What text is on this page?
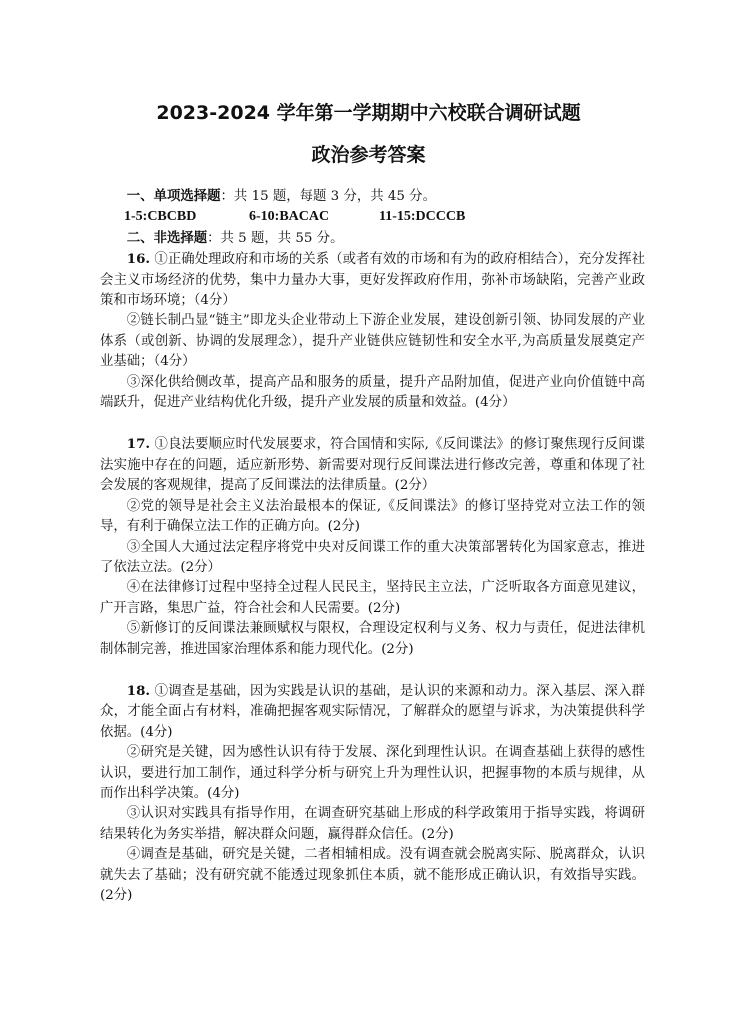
2023-2024 学年第一学期期中六校联合调研试题
政治参考答案

一、单项选择题：共 15 题，每题 3 分，共 45 分。

1-5:CBCBD	6-10:BACAC	11-15:DCCCB

二、非选择题：共 5 题，共 55 分。

16. ①正确处理政府和市场的关系（或者有效的市场和有为的政府相结合），充分发挥社会主义市场经济的优势，集中力量办大事，更好发挥政府作用，弥补市场缺陷，完善产业政策和市场环境；（4分）

②链长制凸显“链主”即龙头企业带动上下游企业发展，建设创新引领、协同发展的产业体系（或创新、协调的发展理念），提升产业链供应链韧性和安全水平,为高质量发展奠定产业基础；（4分）

③深化供给侧改革，提高产品和服务的质量，提升产品附加值，促进产业向价值链中高端跃升，促进产业结构优化升级，提升产业发展的质量和效益。(4分）

17. ①良法要顺应时代发展要求，符合国情和实际,《反间谍法》的修订聚焦现行反间谍法实施中存在的问题，适应新形势、新需要对现行反间谍法进行修改完善，尊重和体现了社会发展的客观规律，提高了反间谍法的法律质量。(2分）

②党的领导是社会主义法治最根本的保证,《反间谍法》的修订坚持党对立法工作的领导，有利于确保立法工作的正确方向。(2分)

③全国人大通过法定程序将党中央对反间谍工作的重大决策部署转化为国家意志，推进了依法立法。(2分）

④在法律修订过程中坚持全过程人民民主，坚持民主立法，广泛听取各方面意见建议，广开言路，集思广益，符合社会和人民需要。(2分)

⑤新修订的反间谍法兼顾赋权与限权，合理设定权利与义务、权力与责任，促进法律机制体制完善，推进国家治理体系和能力现代化。(2分)

18. ①调查是基础，因为实践是认识的基础，是认识的来源和动力。深入基层、深入群众，才能全面占有材料，准确把握客观实际情况，了解群众的愿望与诉求，为决策提供科学依据。(4分)

②研究是关键，因为感性认识有待于发展、深化到理性认识。在调查基础上获得的感性认识，要进行加工制作，通过科学分析与研究上升为理性认识，把握事物的本质与规律，从而作出科学决策。(4分)

③认识对实践具有指导作用，在调查研究基础上形成的科学政策用于指导实践，将调研结果转化为务实举措，解决群众问题，赢得群众信任。(2分)

④调查是基础，研究是关键，二者相辅相成。没有调查就会脱离实际、脱离群众，认识就失去了基础；没有研究就不能透过现象抓住本质，就不能形成正确认识，有效指导实践。(2分)
